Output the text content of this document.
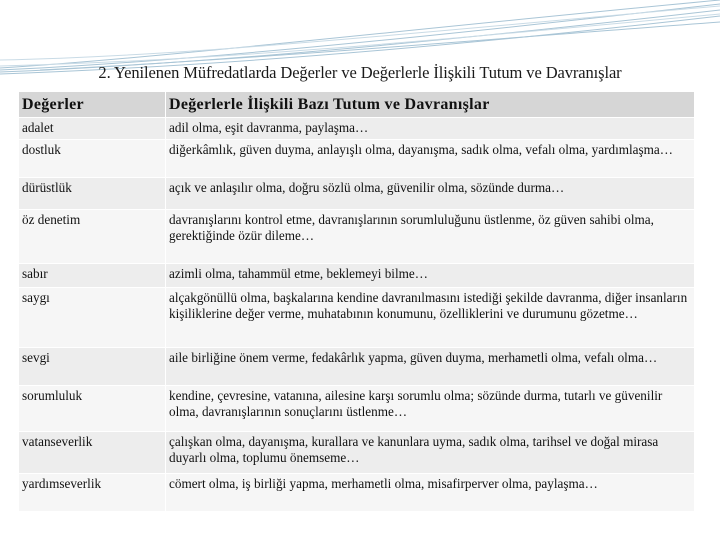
2. Yenilenen Müfredatlarda Değerler ve Değerlerle İlişkili Tutum ve Davranışlar
Değerler	Değerlerle İlişkili Bazı Tutum ve Davranışlar
adalet	adil olma, eşit davranma, paylaşma…
dostluk	diğerkâmlık, güven duyma, anlayışlı olma, dayanışma, sadık olma, vefalı olma, yardımlaşma…
dürüstlük	açık ve anlaşılır olma, doğru sözlü olma, güvenilir olma, sözünde durma…
öz denetim	davranışlarını kontrol etme, davranışlarının sorumluluğunu üstlenme, öz güven sahibi olma, gerektiğinde özür dileme…
sabır	azimli olma, tahammül etme, beklemeyi bilme…
saygı	alçakgönüllü olma, başkalarına kendine davranılmasını istediği şekilde davranma, diğer insanların kişiliklerine değer verme, muhatabının konumunu, özelliklerini ve durumunu gözetme…
sevgi	aile birliğine önem verme, fedakârlık yapma, güven duyma, merhametli olma, vefalı olma…
sorumluluk	kendine, çevresine, vatanına, ailesine karşı sorumlu olma; sözünde durma, tutarlı ve güvenilir olma, davranışlarının sonuçlarını üstlenme…
vatanseverlik	çalışkan olma, dayanışma, kurallara ve kanunlara uyma, sadık olma, tarihsel ve doğal mirasa duyarlı olma, toplumu önemseme…
yardımseverlik	cömert olma, iş birliği yapma, merhametli olma, misafirperver olma, paylaşma…
